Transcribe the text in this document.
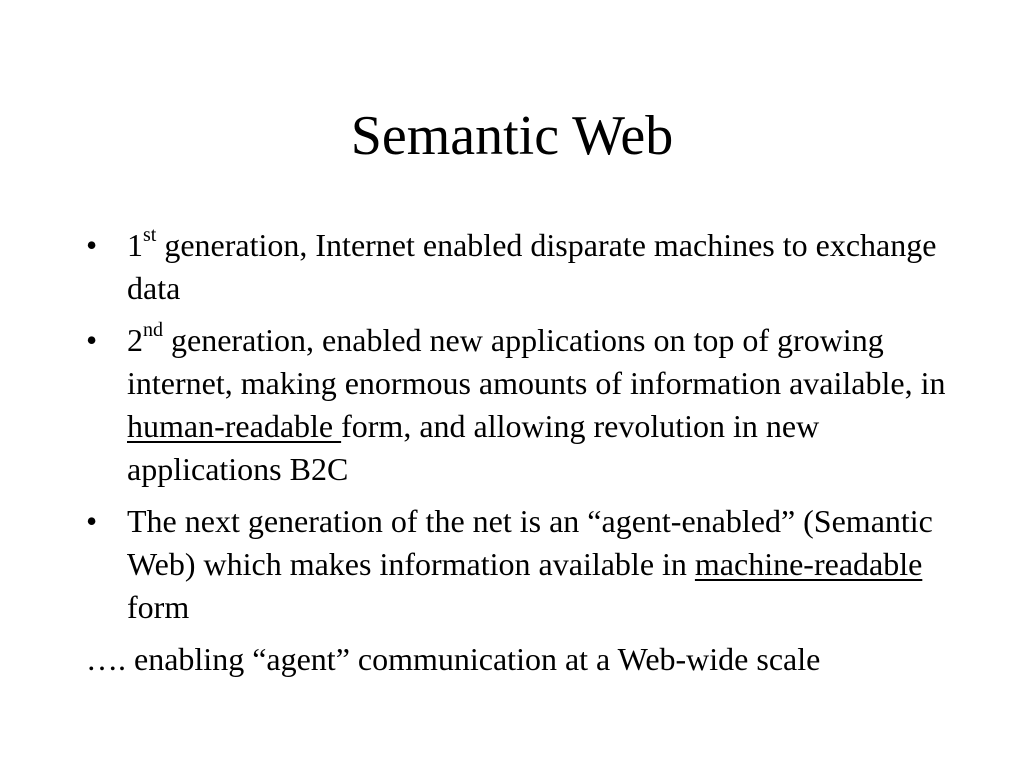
Semantic Web
• 1st generation, Internet enabled disparate machines to exchange data
• 2nd generation, enabled new applications on top of growing internet, making enormous amounts of information available, in human-readable form, and allowing revolution in new applications B2C
• The next generation of the net is an “agent-enabled” (Semantic Web) which makes information available in machine-readable form
…. enabling “agent” communication at a Web-wide scale
